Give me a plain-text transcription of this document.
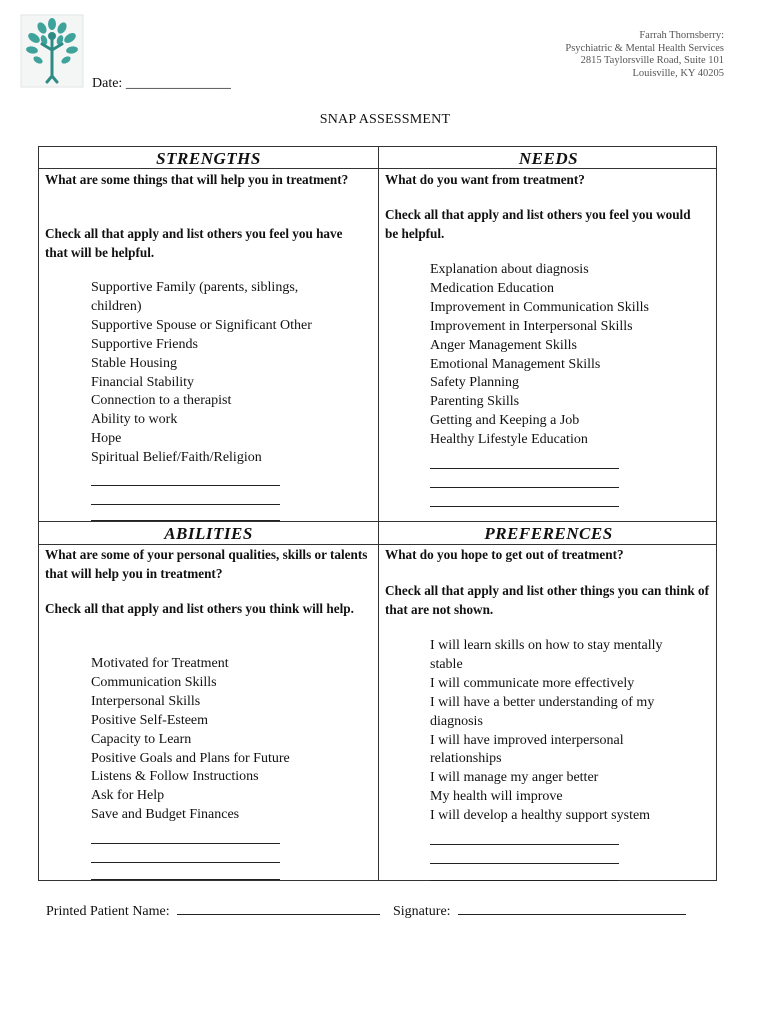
Farrah Thornsberry:
Psychiatric & Mental Health Services
2815 Taylorsville Road, Suite 101
Louisville, KY 40205
Date: _______________
SNAP ASSESSMENT
STRENGTHS
What are some things that will help you in treatment?
Check all that apply and list others you feel you have that will be helpful.
Supportive Family (parents, siblings,
children)
Supportive Spouse or Significant Other
Supportive Friends
Stable Housing
Financial Stability
Connection to a therapist
Ability to work
Hope
Spiritual Belief/Faith/Religion
NEEDS
What do you want from treatment?
Check all that apply and list others you feel you would be helpful.
Explanation about diagnosis
Medication Education
Improvement in Communication Skills
Improvement in Interpersonal Skills
Anger Management Skills
Emotional Management Skills
Safety Planning
Parenting Skills
Getting and Keeping a Job
Healthy Lifestyle Education
ABILITIES
What are some of your personal qualities, skills or talents that will help you in treatment?
Check all that apply and list others you think will help.
Motivated for Treatment
Communication Skills
Interpersonal Skills
Positive Self-Esteem
Capacity to Learn
Positive Goals and Plans for Future
Listens & Follow Instructions
Ask for Help
Save and Budget Finances
PREFERENCES
What do you hope to get out of treatment?
Check all that apply and list other things you can think of that are not shown.
I will learn skills on how to stay mentally
stable
I will communicate more effectively
I will have a better understanding of my
diagnosis
I will have improved interpersonal
relationships
I will manage my anger better
My health will improve
I will develop a healthy support system
Printed Patient Name:	Signature:
